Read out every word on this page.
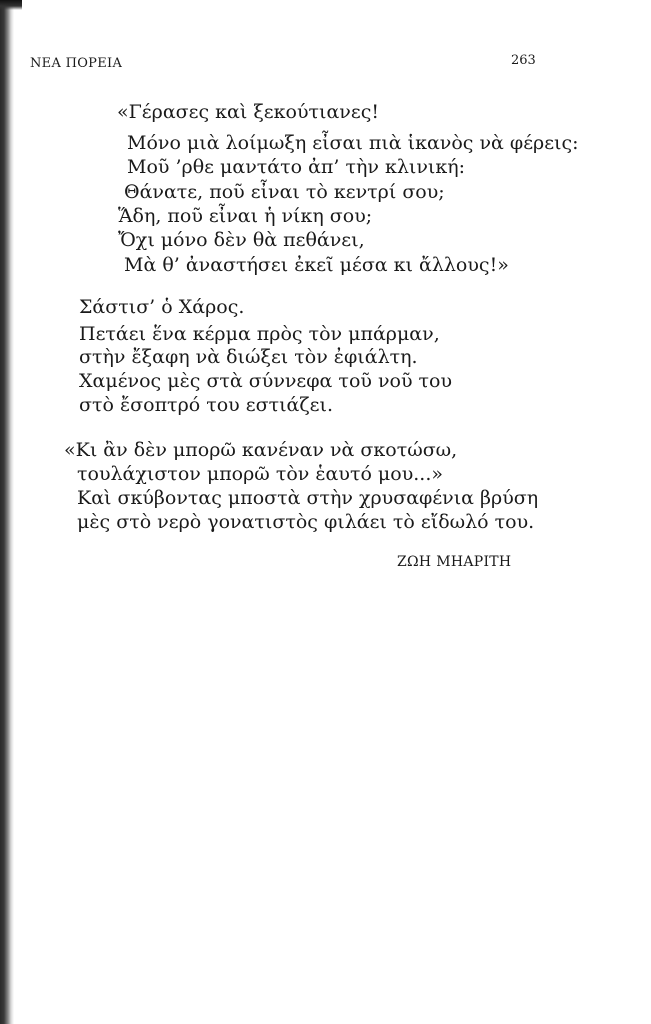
ΝΕΑ ΠΟΡΕΙΑ	263
«Γέρασες καὶ ξεκούτιανες!
Μόνο μιὰ λοίμωξη εἶσαι πιὰ ἱκανὸς νὰ φέρεις:
Μοῦ ’ρθε μαντάτο ἀπ’ τὴν κλινική:
Θάνατε, ποῦ εἶναι τὸ κεντρί σου;
Ἅδη, ποῦ εἶναι ἡ νίκη σου;
Ὄχι μόνο δὲν θὰ πεθάνει,
Μὰ θ’ ἀναστήσει ἐκεῖ μέσα κι ἄλλους!»
Σάστισ’ ὁ Χάρος.
Πετάει ἕνα κέρμα πρὸς τὸν μπάρμαν,
στὴν ἔξαφη νὰ διώξει τὸν ἐφιάλτη.
Χαμένος μὲς στὰ σύννεφα τοῦ νοῦ του
στὸ ἔσοπτρό του εστιάζει.
«Κι ἂν δὲν μπορῶ κανέναν νὰ σκοτώσω,
τουλάχιστον μπορῶ τὸν ἑαυτό μου...»
Καὶ σκύβοντας μποστὰ στὴν χρυσαφένια βρύση
μὲς στὸ νερὸ γονατιστὸς φιλάει τὸ εἴδωλό του.
ΖΩΗ ΜΗΑΡΙΤΗ
